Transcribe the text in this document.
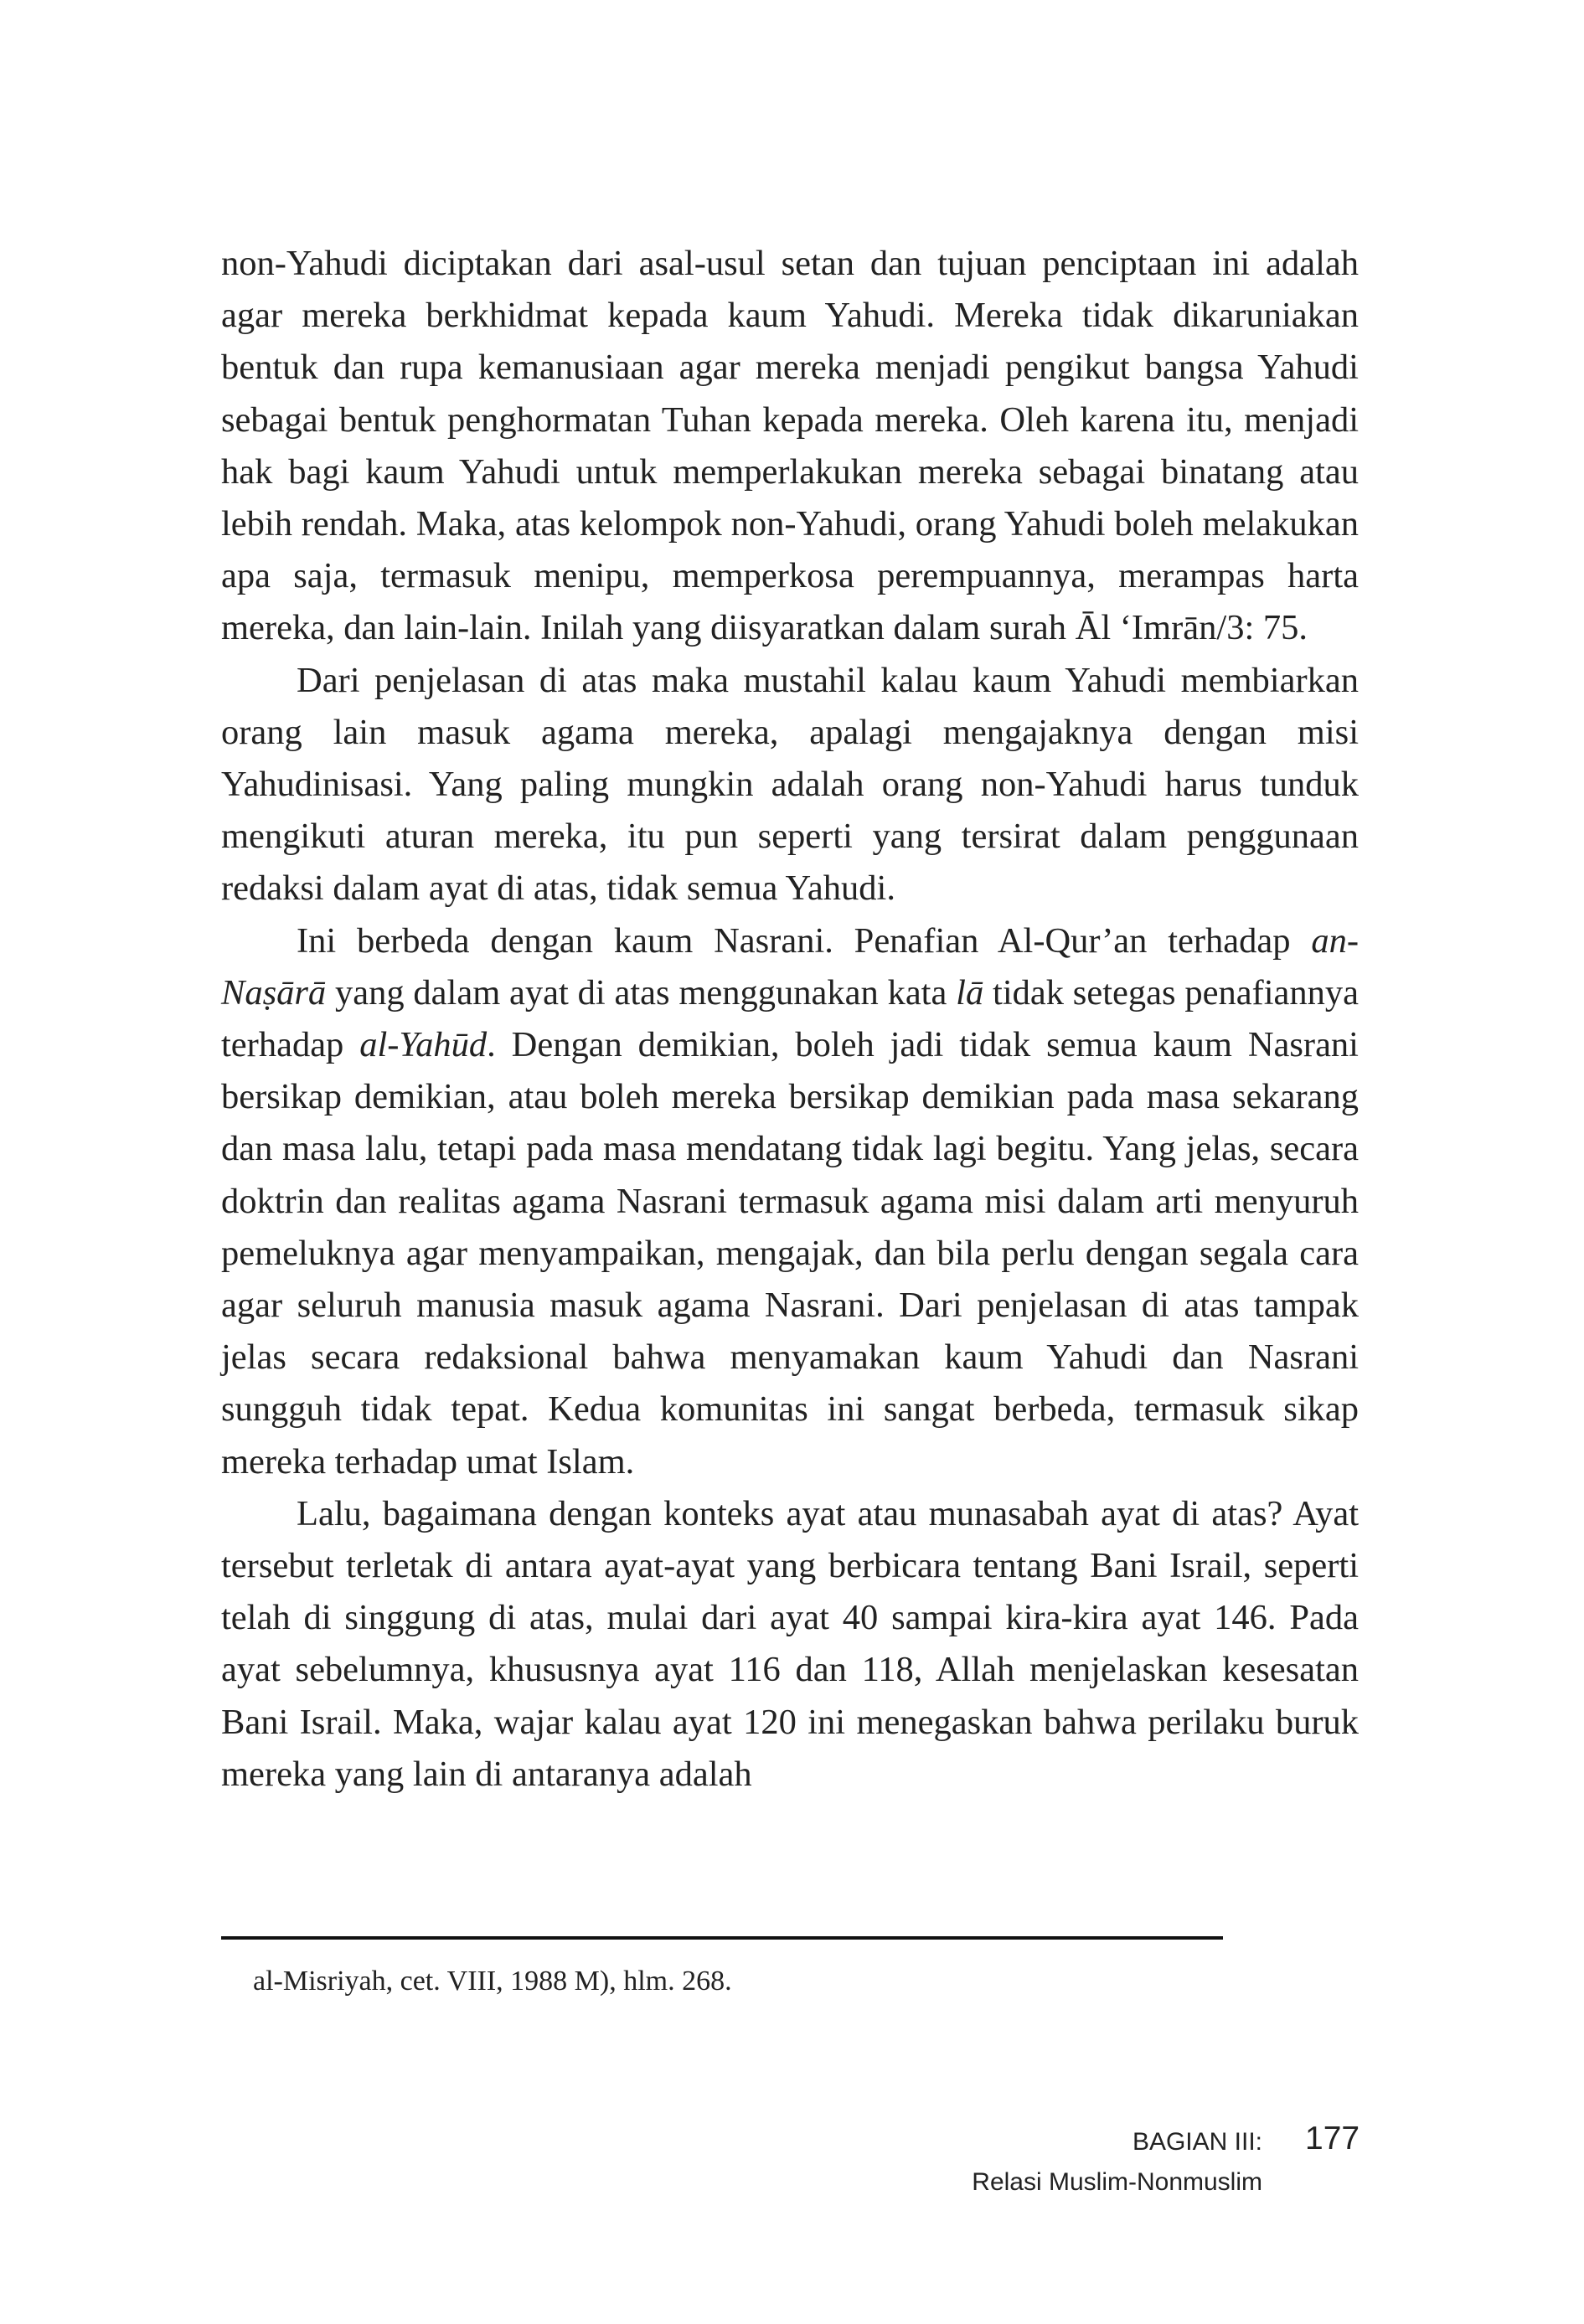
non-Yahudi diciptakan dari asal-usul setan dan tujuan penciptaan ini adalah agar mereka berkhidmat kepada kaum Yahudi. Mereka tidak dikaruniakan bentuk dan rupa kemanusiaan agar mereka menjadi pengikut bangsa Yahudi sebagai bentuk penghormatan Tuhan kepada mereka. Oleh karena itu, menjadi hak bagi kaum Yahudi untuk memperlakukan mereka sebagai binatang atau lebih rendah. Maka, atas kelompok non-Yahudi, orang Yahudi boleh melakukan apa saja, termasuk menipu, memperkosa perempuannya, merampas harta mereka, dan lain-lain. Inilah yang diisyaratkan dalam surah Āl ‘Imrān/3: 75.

Dari penjelasan di atas maka mustahil kalau kaum Yahudi membiarkan orang lain masuk agama mereka, apalagi mengajaknya dengan misi Yahudinisasi. Yang paling mungkin adalah orang non-Yahudi harus tunduk mengikuti aturan mereka, itu pun seperti yang tersirat dalam penggunaan redaksi dalam ayat di atas, tidak semua Yahudi.

Ini berbeda dengan kaum Nasrani. Penafian Al-Qur’an terhadap an-Naṣārā yang dalam ayat di atas menggunakan kata lā tidak setegas penafiannya terhadap al-Yahūd. Dengan demikian, boleh jadi tidak semua kaum Nasrani bersikap demikian, atau boleh mereka bersikap demikian pada masa sekarang dan masa lalu, tetapi pada masa mendatang tidak lagi begitu. Yang jelas, secara doktrin dan realitas agama Nasrani termasuk agama misi dalam arti menyuruh pemeluknya agar menyampaikan, mengajak, dan bila perlu dengan segala cara agar seluruh manusia masuk agama Nasrani. Dari penjelasan di atas tampak jelas secara redaksional bahwa menyamakan kaum Yahudi dan Nasrani sungguh tidak tepat. Kedua komunitas ini sangat berbeda, termasuk sikap mereka terhadap umat Islam.

Lalu, bagaimana dengan konteks ayat atau munasabah ayat di atas? Ayat tersebut terletak di antara ayat-ayat yang berbicara tentang Bani Israil, seperti telah di singgung di atas, mulai dari ayat 40 sampai kira-kira ayat 146. Pada ayat sebelumnya, khususnya ayat 116 dan 118, Allah menjelaskan kesesatan Bani Israil. Maka, wajar kalau ayat 120 ini menegaskan bahwa perilaku buruk mereka yang lain di antaranya adalah

al-Misriyah, cet. VIII, 1988 M), hlm. 268.
BAGIAN III:
Relasi Muslim-Nonmuslim
177
